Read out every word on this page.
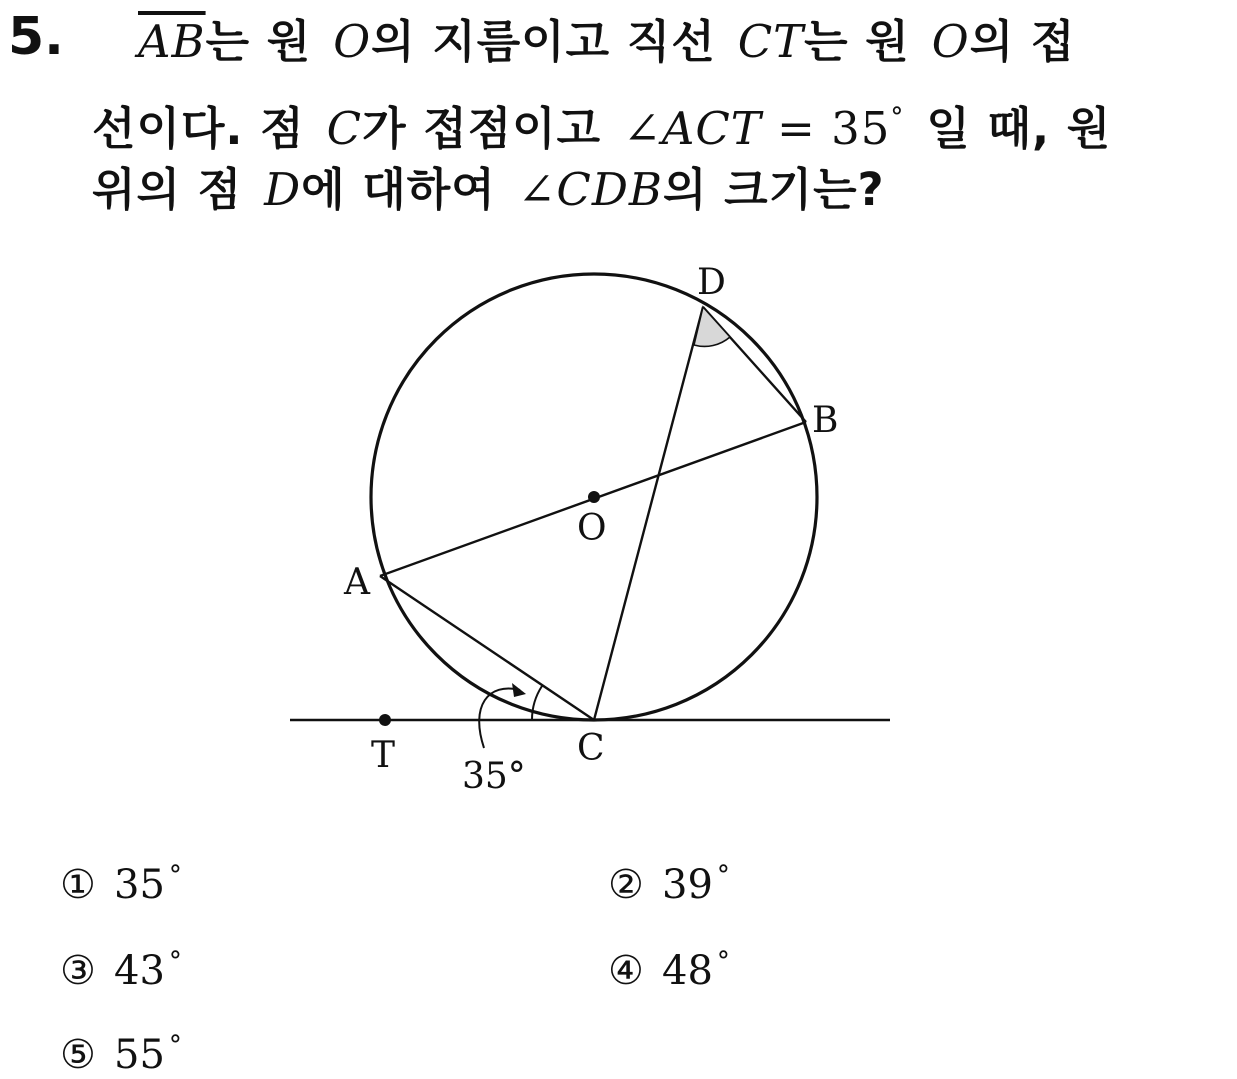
5. $\overline{AB}$는 원 O의 지름이고 직선 CT는 원 O의 접
선이다. 점 C가 접점이고 ∠ACT = 35° 일 때, 원
위의 점 D에 대하여 ∠CDB의 크기는?
D
B
O
A
T	C
35°
① 35 °	② 39 °
③ 43 °	④ 48 °
⑤ 55 °
